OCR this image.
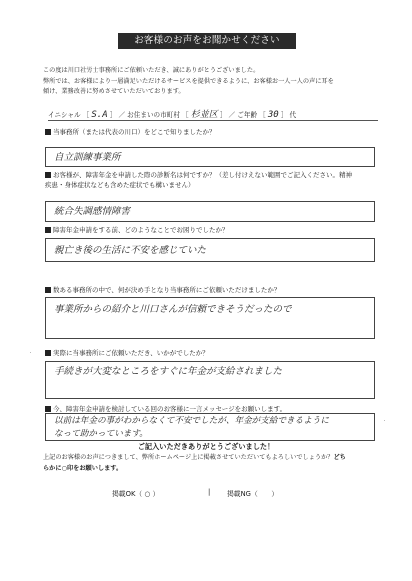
お客様のお声をお聞かせください

この度は川口社労士事務所にご依頼いただき、誠にありがとうございました。

弊所では、お客様により一層満足いただけるサービスを提供できるように、お客様お一人一人の声に耳を

傾け、業務改善に努めさせていただいております。

イニシャル ［ S.A ］ ／ お住まいの市町村 ［ 杉並区 ］ ／ ご年齢 ［ 30 ］ 代
当事務所（または代表の川口）をどこで知りましたか？
自立訓練事業所
お客様が、障害年金を申請した際の診断名は何ですか？（差し付けえない範囲でご記入ください。精神
疾患・身体症状なども含めた症状でも構いません）
統合失調感情障害
障害年金申請をする前、どのようなことでお困りでしたか？
親亡き後の生活に不安を感じていた
数ある事務所の中で、何が決め手となり当事務所にご依頼いただけましたか？
事業所からの紹介と川口さんが信頼できそうだったので
実際に当事務所にご依頼いただき、いかがでしたか？
手続きが大変なところをすぐに年金が支給されました
今、障害年金申請を検討している回のお客様に一言メッセージをお願いします。
以前は年金の事がわからなくて不安でしたが、年金が支給できるように
なって助かっています。
ご記入いただきありがとうございました！

上記のお客様のお声につきまして、弊所ホームページ上に掲載させていただいてもよろしいでしょうか？どち

らかに○印をお願いします。

掲載OK（ ○ ）	| 掲載NG（　　）
